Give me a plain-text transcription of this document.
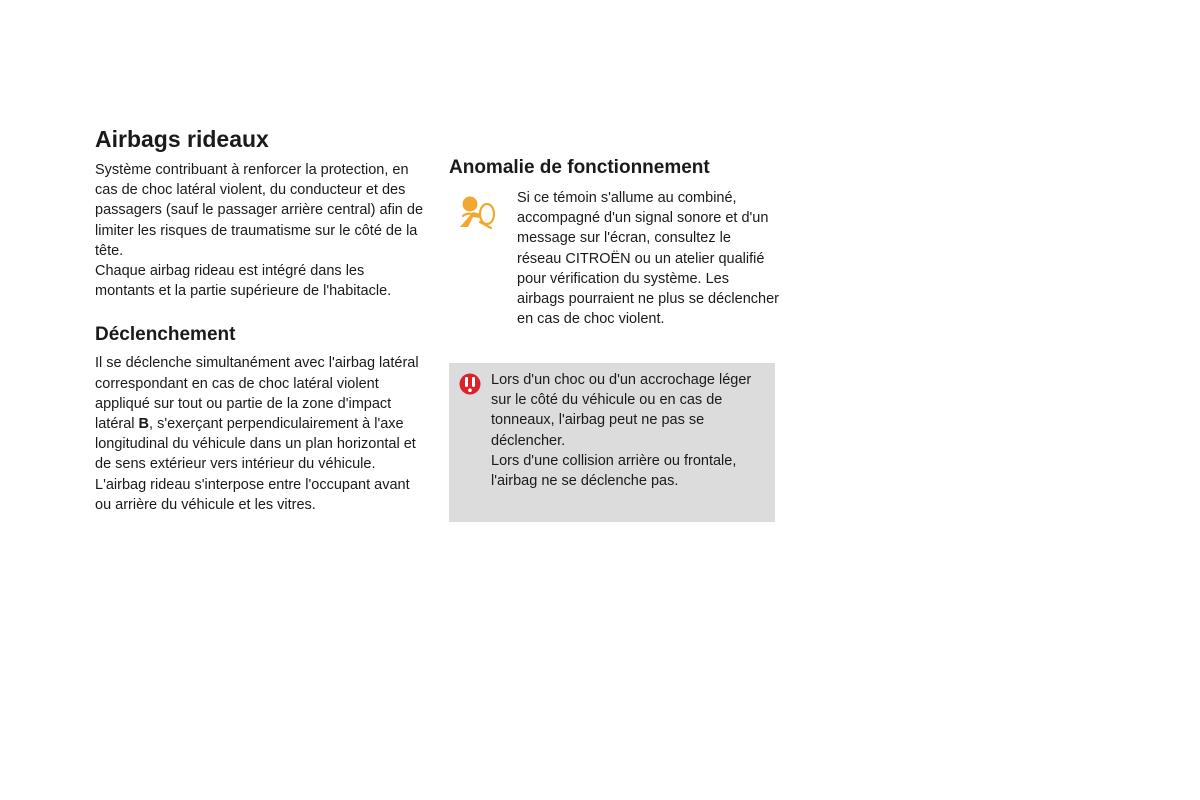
Airbags rideaux

Système contribuant à renforcer la protection, en cas de choc latéral violent, du conducteur et des passagers (sauf le passager arrière central) afin de limiter les risques de traumatisme sur le côté de la tête.

Chaque airbag rideau est intégré dans les montants et la partie supérieure de l'habitacle.

Déclenchement

Il se déclenche simultanément avec l'airbag latéral correspondant en cas de choc latéral violent appliqué sur tout ou partie de la zone d'impact latéral B, s'exerçant perpendiculairement à l'axe longitudinal du véhicule dans un plan horizontal et de sens extérieur vers intérieur du véhicule.

L'airbag rideau s'interpose entre l'occupant avant ou arrière du véhicule et les vitres.

Anomalie de fonctionnement

Si ce témoin s'allume au combiné, accompagné d'un signal sonore et d'un message sur l'écran, consultez le réseau CITROËN ou un atelier qualifié pour vérification du système. Les airbags pourraient ne plus se déclencher en cas de choc violent.

Lors d'un choc ou d'un accrochage léger sur le côté du véhicule ou en cas de tonneaux, l'airbag peut ne pas se déclencher.

Lors d'une collision arrière ou frontale, l'airbag ne se déclenche pas.
